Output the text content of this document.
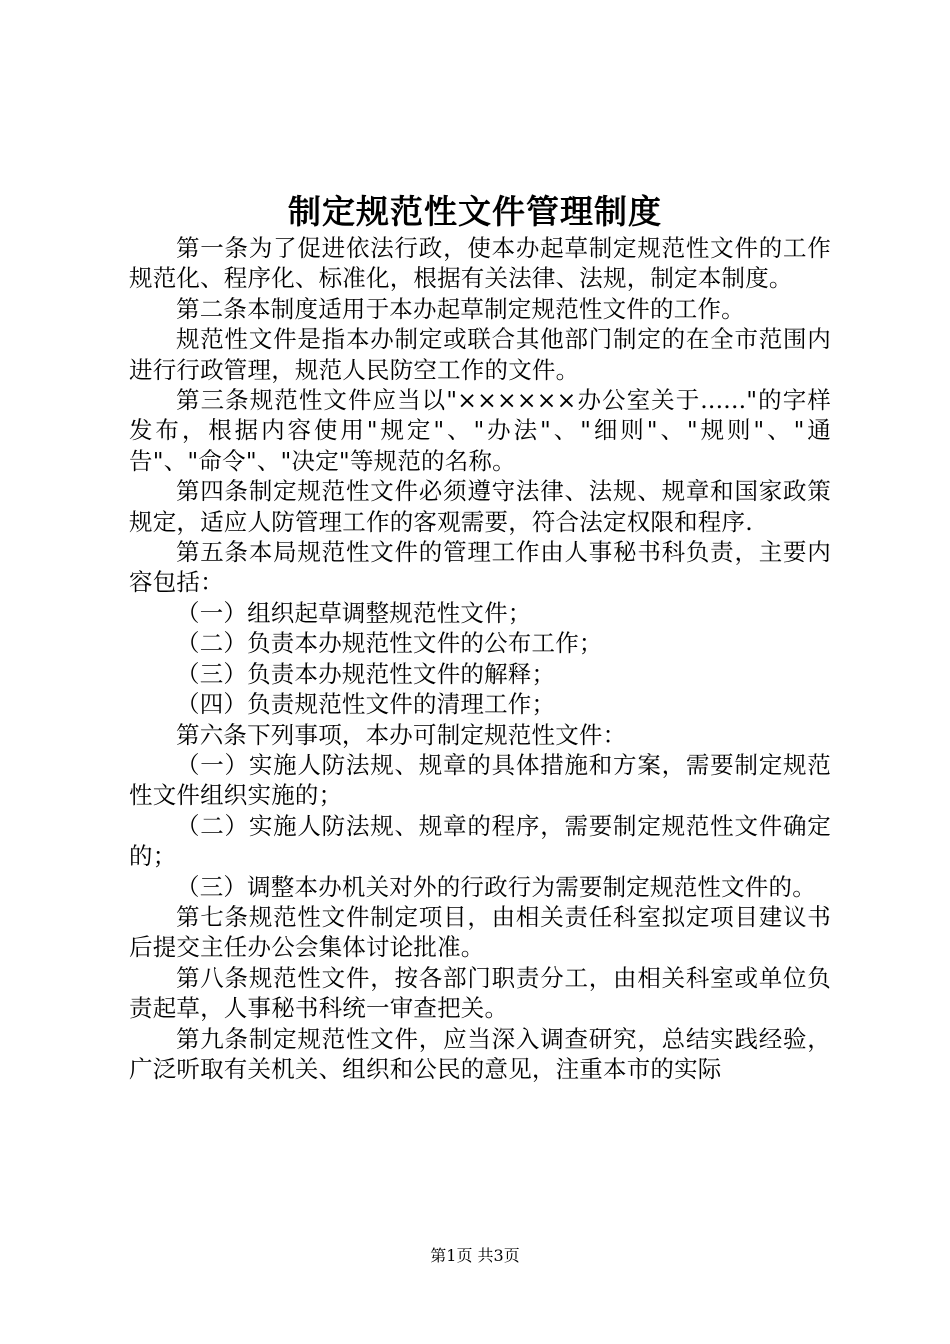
制定规范性文件管理制度

第一条为了促进依法行政，使本办起草制定规范性文件的工作规范化、程序化、标准化，根据有关法律、法规，制定本制度。

第二条本制度适用于本办起草制定规范性文件的工作。

规范性文件是指本办制定或联合其他部门制定的在全市范围内进行行政管理，规范人民防空工作的文件。

第三条规范性文件应当以"××××××办公室关于......"的字样发布，根据内容使用"规定"、"办法"、"细则"、"规则"、"通告"、"命令"、"决定"等规范的名称。

第四条制定规范性文件必须遵守法律、法规、规章和国家政策规定，适应人防管理工作的客观需要，符合法定权限和程序.

第五条本局规范性文件的管理工作由人事秘书科负责，主要内容包括：

（一）组织起草调整规范性文件；

（二）负责本办规范性文件的公布工作；

（三）负责本办规范性文件的解释；

（四）负责规范性文件的清理工作；

第六条下列事项，本办可制定规范性文件：

（一）实施人防法规、规章的具体措施和方案，需要制定规范性文件组织实施的；

（二）实施人防法规、规章的程序，需要制定规范性文件确定的；

（三）调整本办机关对外的行政行为需要制定规范性文件的。

第七条规范性文件制定项目，由相关责任科室拟定项目建议书后提交主任办公会集体讨论批准。

第八条规范性文件，按各部门职责分工，由相关科室或单位负责起草，人事秘书科统一审查把关。

第九条制定规范性文件，应当深入调查研究，总结实践经验，广泛听取有关机关、组织和公民的意见，注重本市的实际

第1页 共3页
